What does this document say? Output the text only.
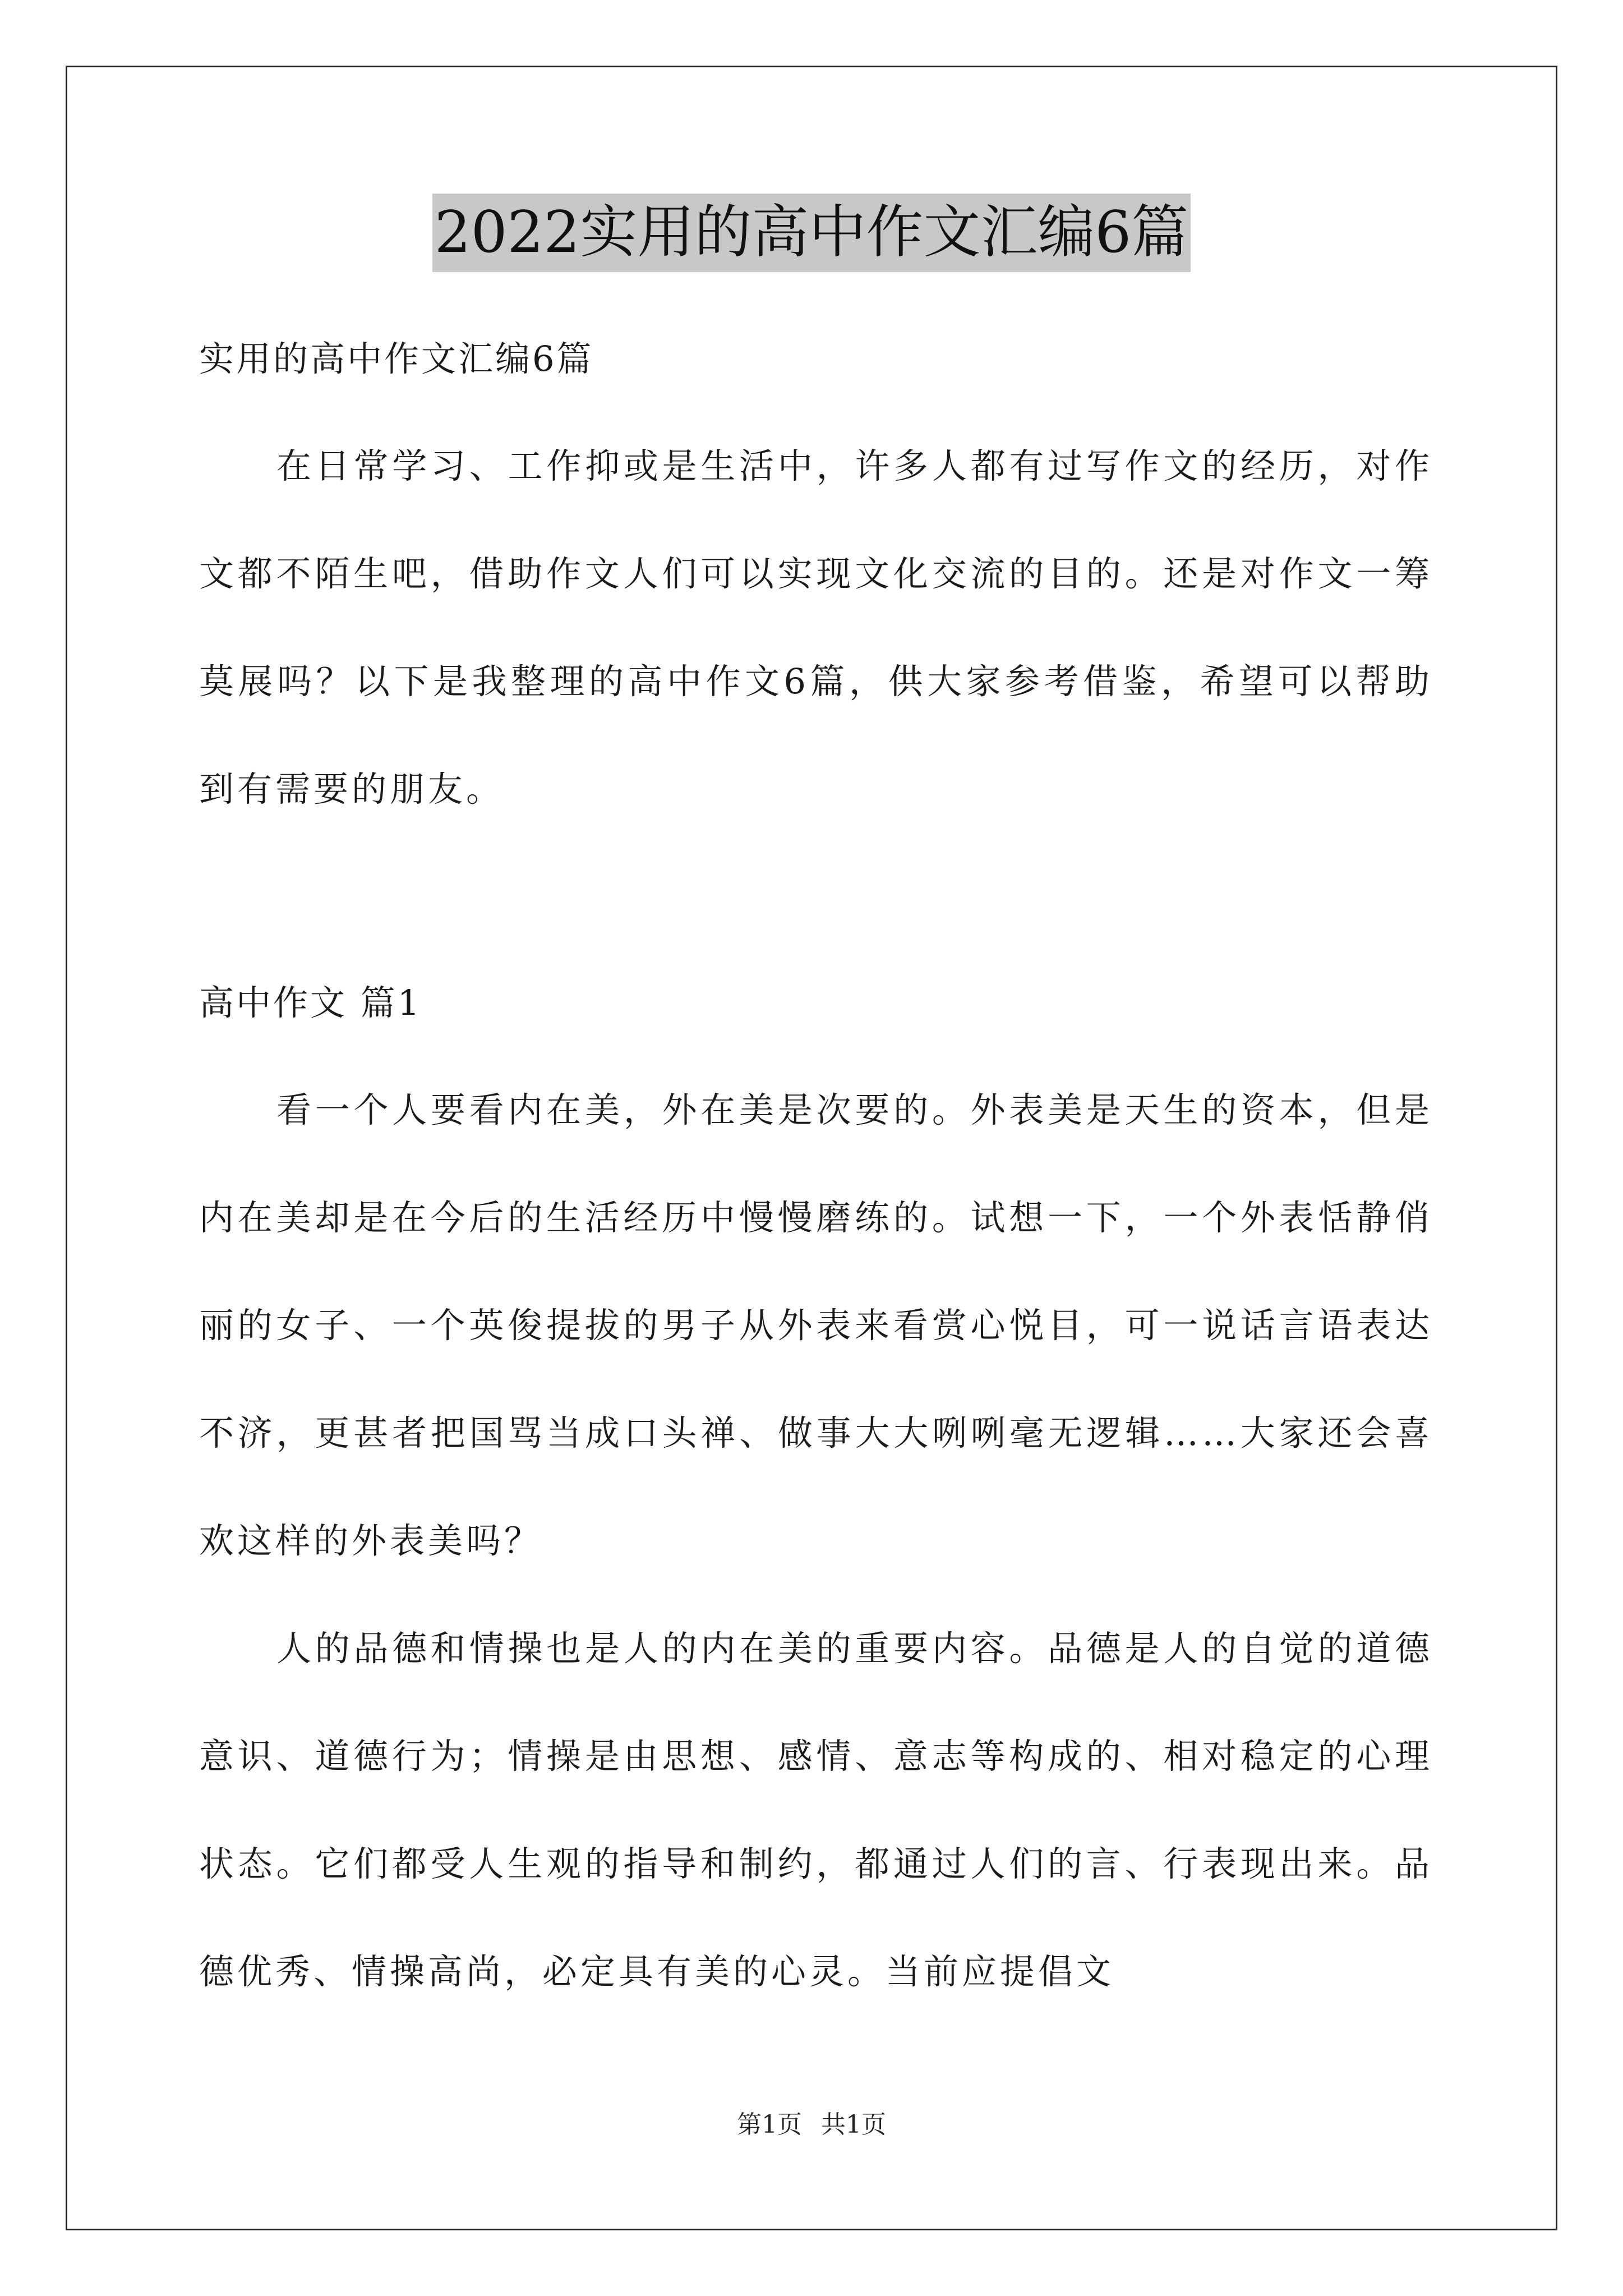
2022实用的高中作文汇编6篇

实用的高中作文汇编6篇

在日常学习、工作抑或是生活中，许多人都有过写作文的经历，对作文都不陌生吧，借助作文人们可以实现文化交流的目的。还是对作文一筹莫展吗？以下是我整理的高中作文6篇，供大家参考借鉴，希望可以帮助到有需要的朋友。

高中作文 篇1

看一个人要看内在美，外在美是次要的。外表美是天生的资本，但是内在美却是在今后的生活经历中慢慢磨练的。试想一下，一个外表恬静俏丽的女子、一个英俊提拔的男子从外表来看赏心悦目，可一说话言语表达不济，更甚者把国骂当成口头禅、做事大大咧咧毫无逻辑……大家还会喜欢这样的外表美吗？

人的品德和情操也是人的内在美的重要内容。品德是人的自觉的道德意识、道德行为；情操是由思想、感情、意志等构成的、相对稳定的心理状态。它们都受人生观的指导和制约，都通过人们的言、行表现出来。品德优秀、情操高尚，必定具有美的心灵。当前应提倡文

第1页 共1页
